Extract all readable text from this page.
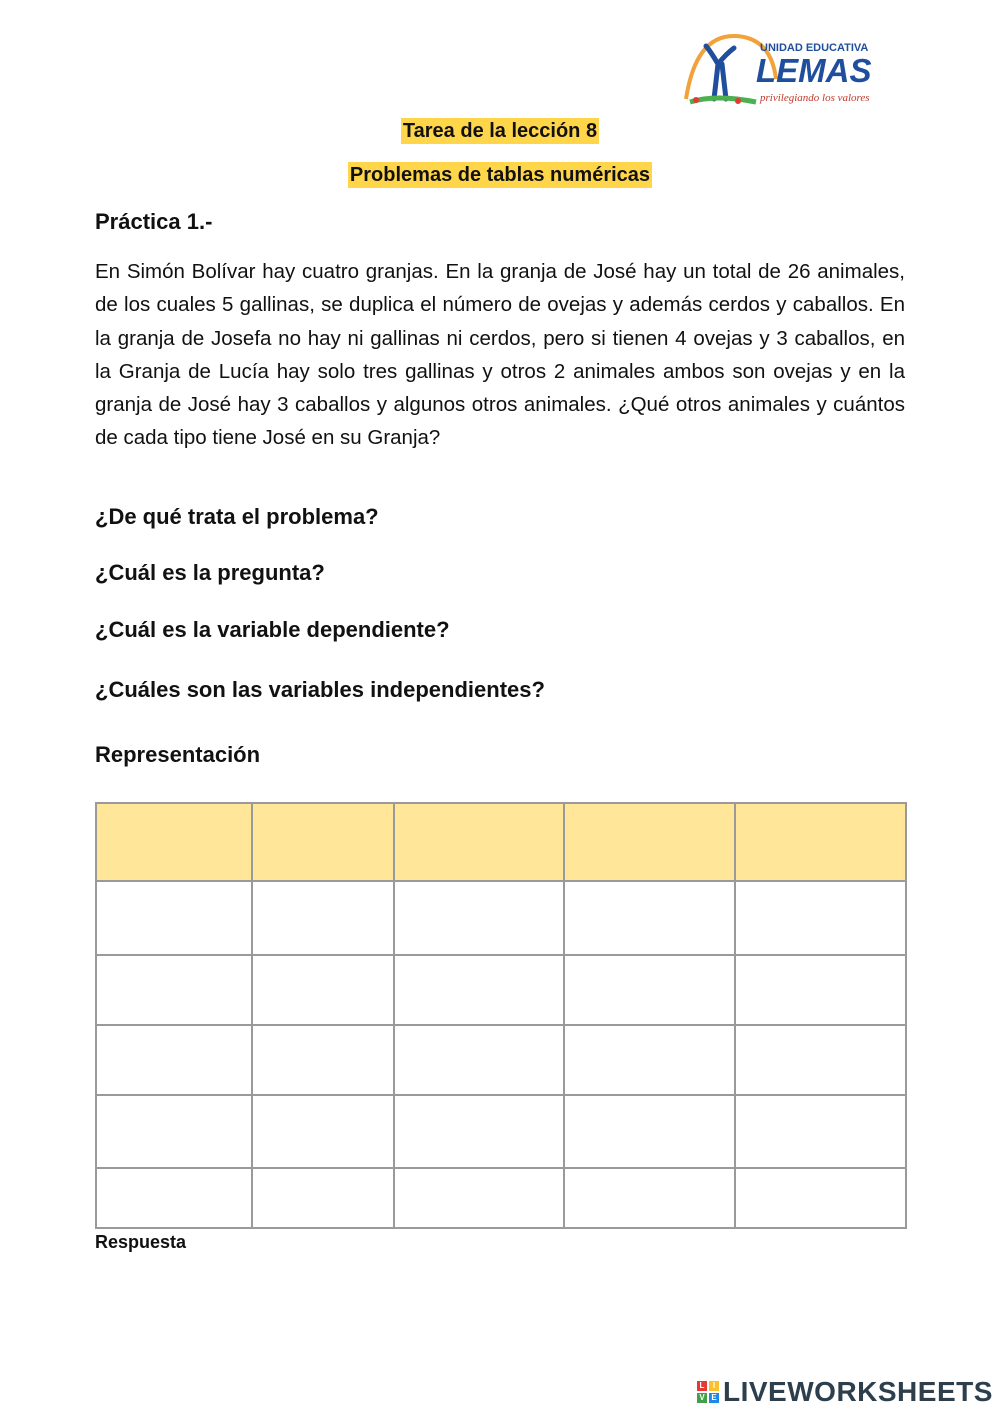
UNIDAD EDUCATIVA
LEMAS
privilegiando los valores
Tarea de la lección 8
Problemas de tablas numéricas
Práctica 1.-
En Simón Bolívar hay cuatro granjas. En la granja de José hay un total de 26 animales, de los cuales 5 gallinas, se duplica el número de ovejas y además cerdos y caballos. En la granja de Josefa no hay ni gallinas ni cerdos, pero si tienen 4 ovejas y 3 caballos, en la Granja de Lucía hay solo tres gallinas y otros 2 animales ambos son ovejas y en la granja de José hay 3 caballos y algunos otros animales. ¿Qué otros animales y cuántos de cada tipo tiene José en su Granja?
¿De qué trata el problema?
¿Cuál es la pregunta?
¿Cuál es la variable dependiente?
¿Cuáles son las variables independientes?
Representación

Respuesta
L	I
V E LIVEWORKSHEETS
